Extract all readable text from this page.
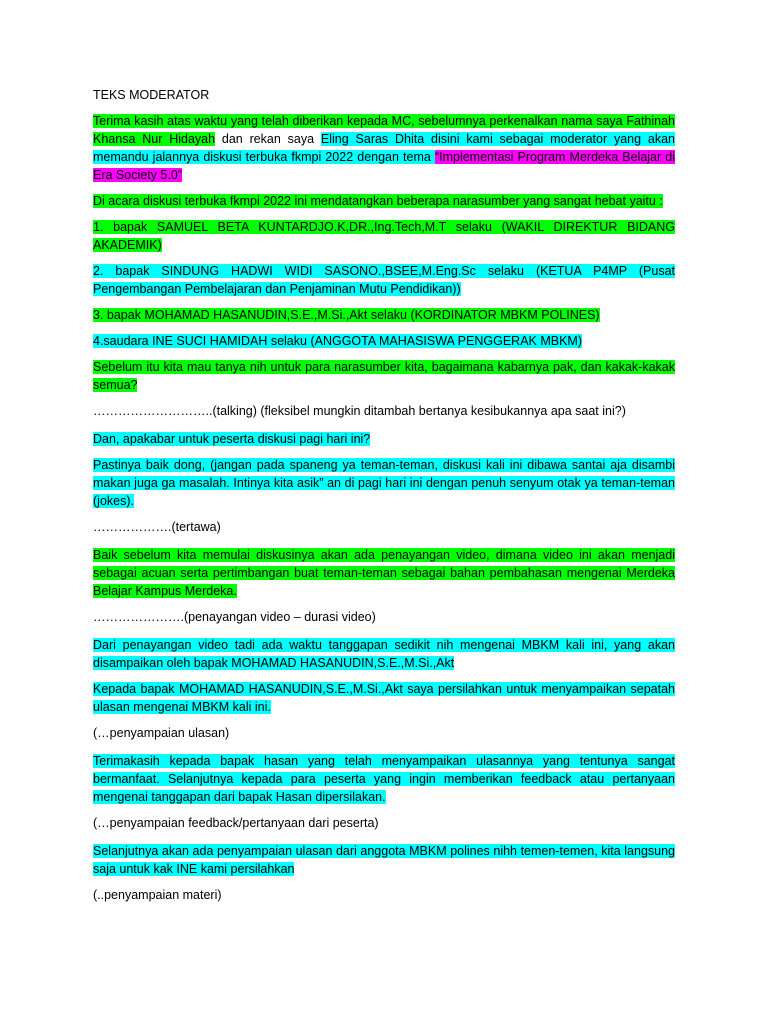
TEKS MODERATOR

Terima kasih atas waktu yang telah diberikan kepada MC, sebelumnya perkenalkan nama saya Fathinah Khansa Nur Hidayah dan rekan saya Eling Saras Dhita disini kami sebagai moderator yang akan memandu jalannya diskusi terbuka fkmpi 2022 dengan tema “Implementasi Program Merdeka Belajar di Era Society 5.0”

Di acara diskusi terbuka fkmpi 2022 ini mendatangkan beberapa narasumber yang sangat hebat yaitu :

1. bapak SAMUEL BETA KUNTARDJO.K,DR.,Ing.Tech,M.T selaku (WAKIL DIREKTUR BIDANG AKADEMIK)

2. bapak SINDUNG HADWI WIDI SASONO.,BSEE,M.Eng.Sc selaku (KETUA P4MP (Pusat Pengembangan Pembelajaran dan Penjaminan Mutu Pendidikan))

3. bapak MOHAMAD HASANUDIN,S.E.,M.Si.,Akt selaku (KORDINATOR MBKM POLINES)

4.saudara INE SUCI HAMIDAH selaku (ANGGOTA MAHASISWA PENGGERAK MBKM)

Sebelum itu kita mau tanya nih untuk para narasumber kita, bagaimana kabarnya pak, dan kakak-kakak semua?

………………………..(talking) (fleksibel mungkin ditambah bertanya kesibukannya apa saat ini?)

Dan, apakabar untuk peserta diskusi pagi hari ini?

Pastinya baik dong, (jangan pada spaneng ya teman-teman, diskusi kali ini dibawa santai aja disambi makan juga ga masalah. Intinya kita asik” an di pagi hari ini dengan penuh senyum otak ya teman-teman (jokes).

……………….(tertawa)

Baik sebelum kita memulai diskusinya akan ada penayangan video, dimana video ini akan menjadi sebagai acuan serta pertimbangan buat teman-teman sebagai bahan pembahasan mengenai Merdeka Belajar Kampus Merdeka.

………………….(penayangan video – durasi video)

Dari penayangan video tadi ada waktu tanggapan sedikit nih mengenai MBKM kali ini, yang akan disampaikan oleh bapak MOHAMAD HASANUDIN,S.E.,M.Si.,Akt

Kepada bapak MOHAMAD HASANUDIN,S.E.,M.Si.,Akt saya persilahkan untuk menyampaikan sepatah ulasan mengenai MBKM kali ini.

(…penyampaian ulasan)

Terimakasih kepada bapak hasan yang telah menyampaikan ulasannya yang tentunya sangat bermanfaat. Selanjutnya kepada para peserta yang ingin memberikan feedback atau pertanyaan mengenai tanggapan dari bapak Hasan dipersilakan.

(…penyampaian feedback/pertanyaan dari peserta)

Selanjutnya akan ada penyampaian ulasan dari anggota MBKM polines nihh temen-temen, kita langsung saja untuk kak INE kami persilahkan

(..penyampaian materi)
